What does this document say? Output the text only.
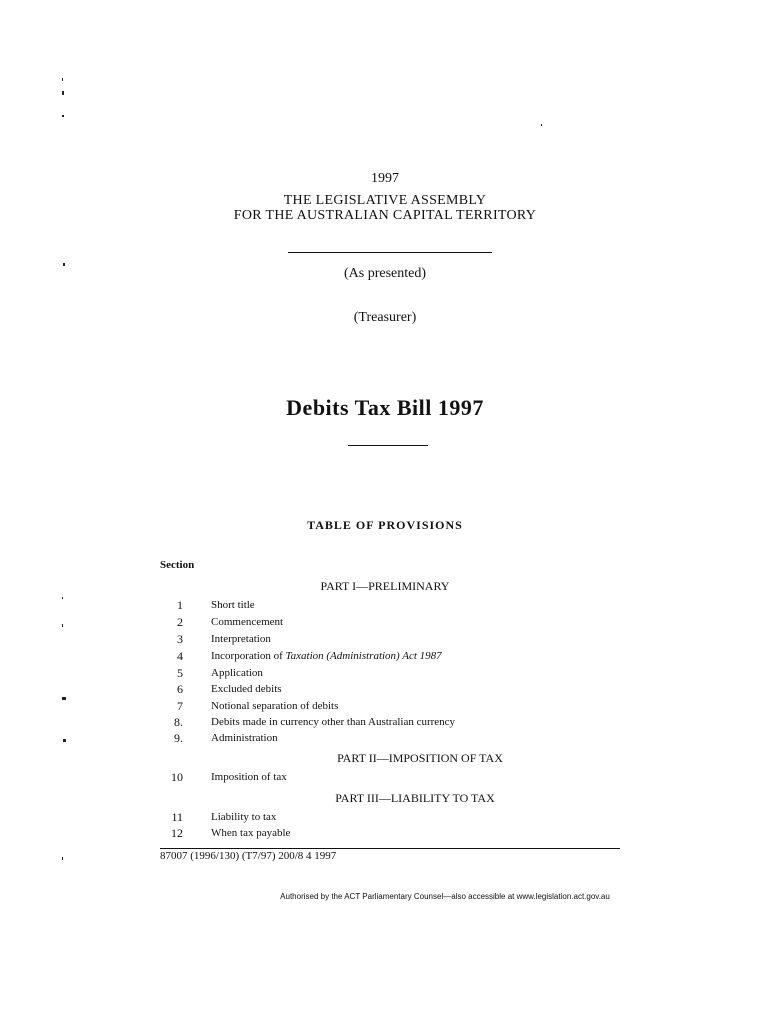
1997
THE LEGISLATIVE ASSEMBLY
FOR THE AUSTRALIAN CAPITAL TERRITORY
(As presented)
(Treasurer)
Debits Tax Bill 1997
TABLE OF PROVISIONS
Section
PART I—PRELIMINARY
1	Short title
2	Commencement
3	Interpretation
4	Incorporation of Taxation (Administration) Act 1987
5	Application
6	Excluded debits
7	Notional separation of debits
8.	Debits made in currency other than Australian currency
9.	Administration
PART II—IMPOSITION OF TAX
10	Imposition of tax
PART III—LIABILITY TO TAX
11	Liability to tax
12	When tax payable
87007 (1996/130) (T7/97) 200/8 4 1997
Authorised by the ACT Parliamentary Counsel—also accessible at www.legislation.act.gov.au
